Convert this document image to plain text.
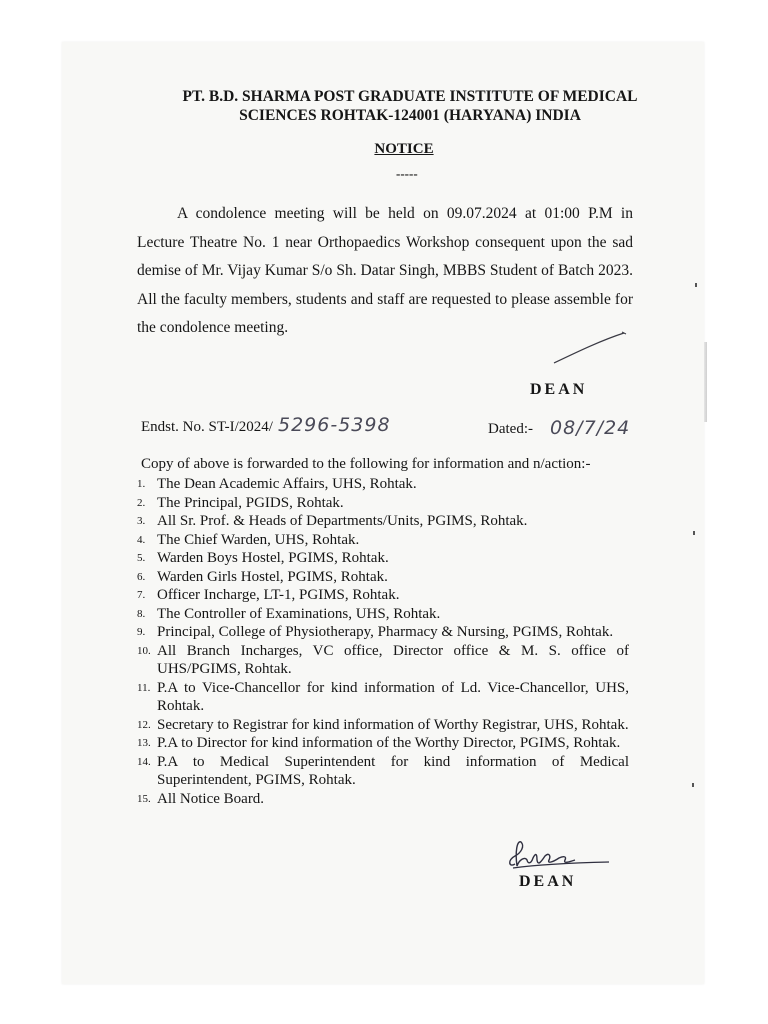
PT. B.D. SHARMA POST GRADUATE INSTITUTE OF MEDICAL
SCIENCES ROHTAK-124001 (HARYANA) INDIA
NOTICE
-----
A condolence meeting will be held on 09.07.2024 at 01:00 P.M in Lecture Theatre No. 1 near Orthopaedics Workshop consequent upon the sad demise of Mr. Vijay Kumar S/o Sh. Datar Singh, MBBS Student of Batch 2023. All the faculty members, students and staff are requested to please assemble for the condolence meeting.
DEAN
Endst. No. ST-I/2024/ 5296-5398	Dated:- 08/7/24
Copy of above is forwarded to the following for information and n/action:-
1. The Dean Academic Affairs, UHS, Rohtak.
2. The Principal, PGIDS, Rohtak.
3. All Sr. Prof. & Heads of Departments/Units, PGIMS, Rohtak.
4. The Chief Warden, UHS, Rohtak.
5. Warden Boys Hostel, PGIMS, Rohtak.
6. Warden Girls Hostel, PGIMS, Rohtak.
7. Officer Incharge, LT-1, PGIMS, Rohtak.
8. The Controller of Examinations, UHS, Rohtak.
9. Principal, College of Physiotherapy, Pharmacy & Nursing, PGIMS, Rohtak.
10. All Branch Incharges, VC office, Director office & M. S. office of UHS/PGIMS, Rohtak.
11. P.A to Vice-Chancellor for kind information of Ld. Vice-Chancellor, UHS, Rohtak.
12. Secretary to Registrar for kind information of Worthy Registrar, UHS, Rohtak.
13. P.A to Director for kind information of the Worthy Director, PGIMS, Rohtak.
14. P.A to Medical Superintendent for kind information of Medical Superintendent, PGIMS, Rohtak.
15. All Notice Board.
DEAN
